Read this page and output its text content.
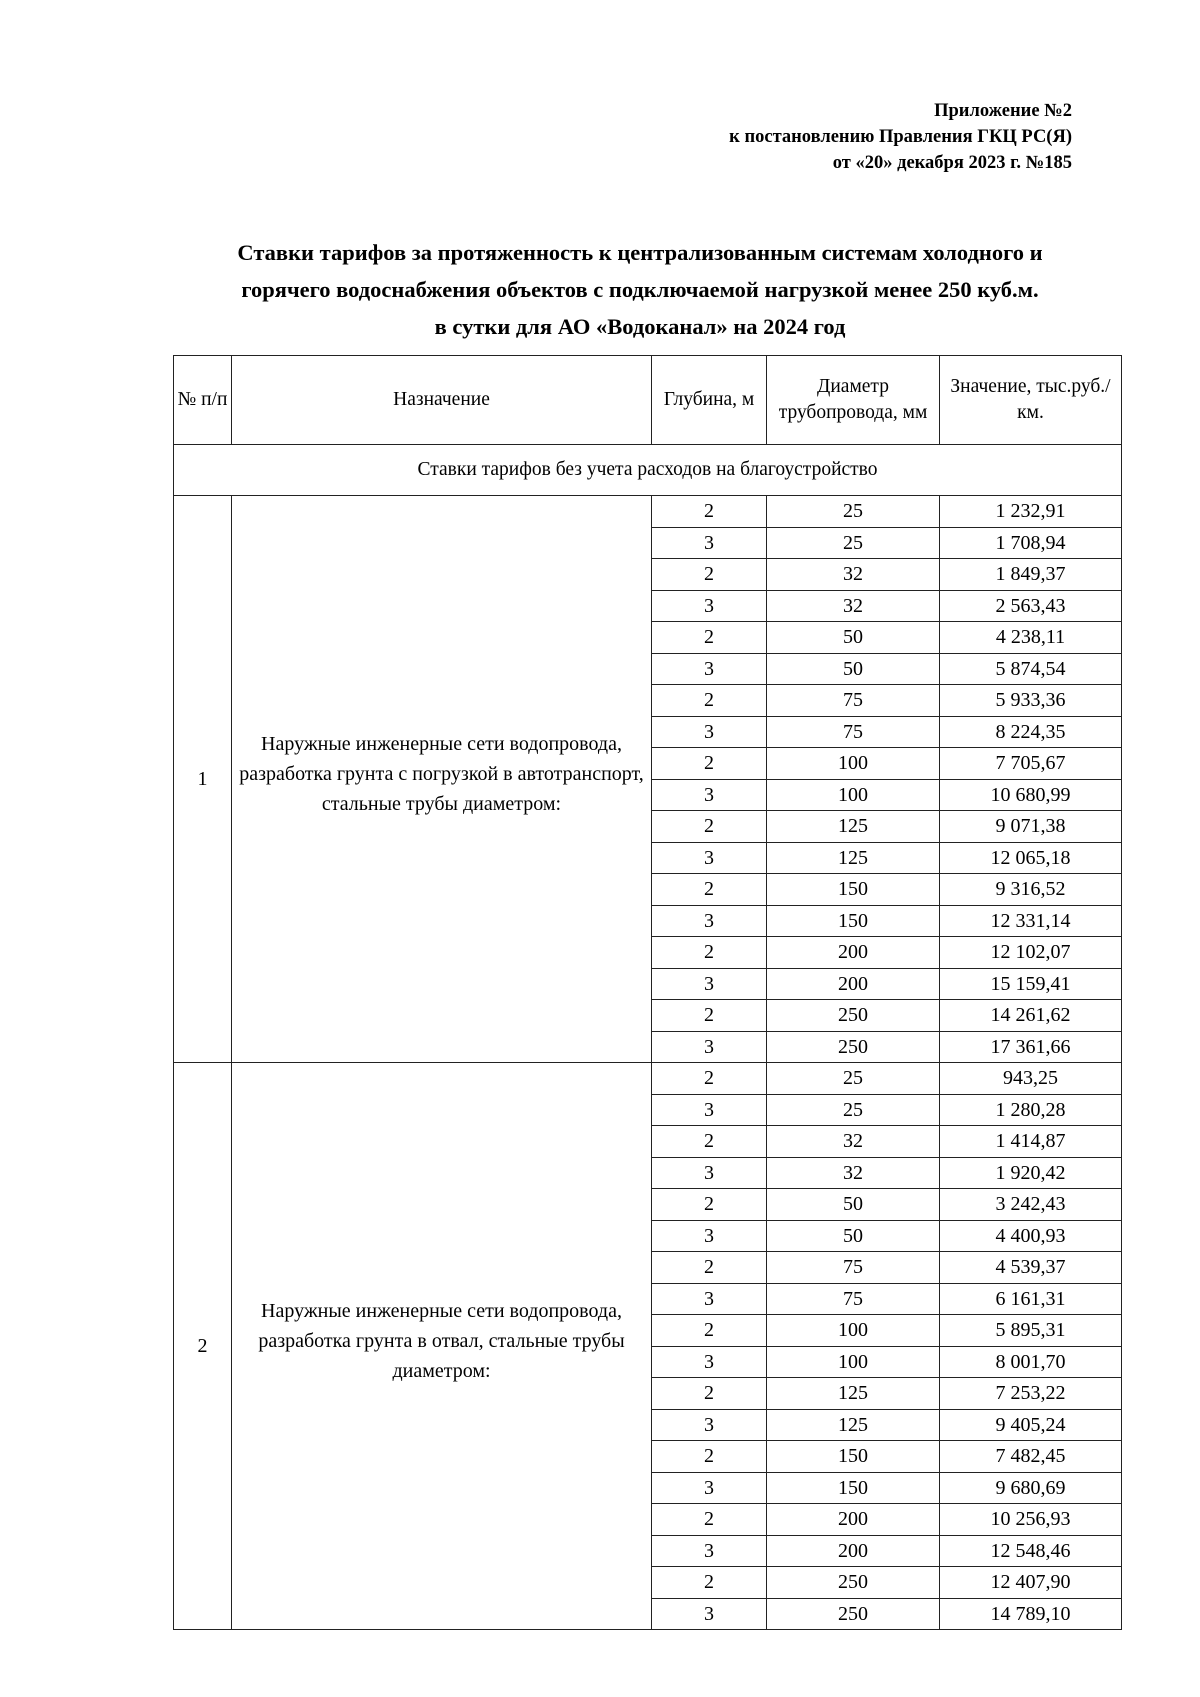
Приложение №2
к постановлению Правления ГКЦ РС(Я)
от «20» декабря 2023 г. №185
Ставки тарифов за протяженность к централизованным системам холодного и
горячего водоснабжения объектов с подключаемой нагрузкой менее 250 куб.м.
в сутки для АО «Водоканал» на 2024 год
№ п/п	Назначение	Глубина, м	Диаметр трубопровода, мм	Значение, тыс.руб./км.
Ставки тарифов без учета расходов на благоустройство				
1	Наружные инженерные сети водопровода, разработка грунта с погрузкой в автотранспорт, стальные трубы диаметром:	2	25	1 232,91
		3	25	1 708,94
		2	32	1 849,37
		3	32	2 563,43
		2	50	4 238,11
		3	50	5 874,54
		2	75	5 933,36
		3	75	8 224,35
		2	100	7 705,67
		3	100	10 680,99
		2	125	9 071,38
		3	125	12 065,18
		2	150	9 316,52
		3	150	12 331,14
		2	200	12 102,07
		3	200	15 159,41
		2	250	14 261,62
		3	250	17 361,66
2	Наружные инженерные сети водопровода, разработка грунта в отвал, стальные трубы диаметром:	2	25	943,25
		3	25	1 280,28
		2	32	1 414,87
		3	32	1 920,42
		2	50	3 242,43
		3	50	4 400,93
		2	75	4 539,37
		3	75	6 161,31
		2	100	5 895,31
		3	100	8 001,70
		2	125	7 253,22
		3	125	9 405,24
		2	150	7 482,45
		3	150	9 680,69
		2	200	10 256,93
		3	200	12 548,46
		2	250	12 407,90
		3	250	14 789,10
